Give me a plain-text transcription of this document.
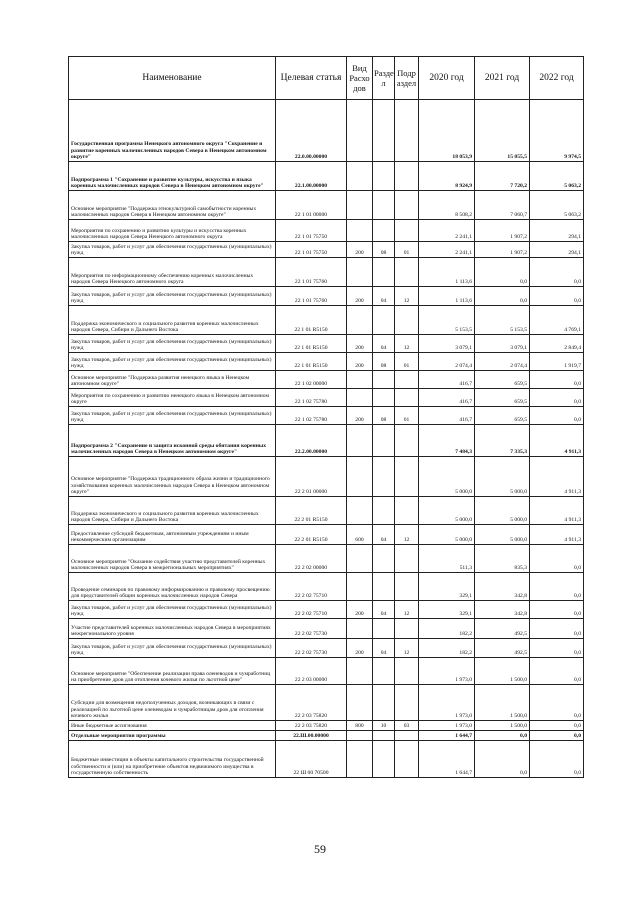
Наименование	Целевая статья	Вид Расхо дов	Разде л	Подр аздел	2020 год	2021 год	2022 год
Государственная программа Ненецкого автономного округа "Сохранение и развитие коренных малочисленных народов Севера в Ненецком автономном округе"	22.0.00.00000				18 053,9	15 055,5	9 974,5
Подпрограмма 1 "Сохранение и развитие культуры, искусства и языка коренных малочисленных народов Севера в Ненецком автономном округе"	22.1.00.00000				8 924,9	7 720,2	5 063,2
Основное мероприятие "Поддержка этнокультурной самобытности коренных малочисленных народов Севера в Ненецком автономном округе"	22 1 01 00000				8 508,2	7 060,7	5 063,2
Мероприятия по сохранению и развитию культуры и искусства коренных малочисленных народов Севера Ненецкого автономного округа	22 1 01 75750				2 241,1	1 907,2	294,1
Закупка товаров, работ и услуг для обеспечения государственных (муниципальных) нужд	22 1 01 75750	200	08	01	2 241,1	1 907,2	294,1
Мероприятия по информационному обеспечению коренных малочисленных народов Севера Ненецкого автономного округа	22 1 01 75760				1 113,6	0,0	0,0
Закупка товаров, работ и услуг для обеспечения государственных (муниципальных) нужд	22 1 01 75760	200	04	12	1 113,6	0,0	0,0
Поддержка экономического и социального развития коренных малочисленных народов Севера, Сибири и Дальнего Востока	22 1 01 R5150				5 153,5	5 153,5	4 769,1
Закупка товаров, работ и услуг для обеспечения государственных (муниципальных) нужд	22 1 01 R5150	200	04	12	3 079,1	3 079,1	2 849,4
Закупка товаров, работ и услуг для обеспечения государственных (муниципальных) нужд	22 1 01 R5150	200	08	01	2 074,4	2 074,4	1 919,7
Основное мероприятие "Поддержка развития ненецкого языка в Ненецком автономном округе"	22 1 02 00000				416,7	659,5	0,0
Мероприятия по сохранению и развитию ненецкого языка в Ненецком автономном округе	22 1 02 75780				416,7	659,5	0,0
Закупка товаров, работ и услуг для обеспечения государственных (муниципальных) нужд	22 1 02 75780	200	08	01	416,7	659,5	0,0
Подпрограмма 2 "Сохранение и защита исконной среды обитания коренных малочисленных народов Севера в Ненецком автономном округе"	22.2.00.00000				7 484,3	7 335,3	4 911,3
Основное мероприятие "Поддержка традиционного образа жизни и традиционного хозяйствования коренных малочисленных народов Севера в Ненецком автономном округе"	22 2 01 00000				5 000,0	5 000,0	4 911,3
Поддержка экономического и социального развития коренных малочисленных народов Севера, Сибири и Дальнего Востока	22 2 01 R5150				5 000,0	5 000,0	4 911,3
Предоставление субсидий бюджетным, автономным учреждениям и иным некоммерческим организациям	22 2 01 R5150	600	04	12	5 000,0	5 000,0	4 911,3
Основное мероприятие "Оказание содействия участию представителей коренных малочисленных народов Севера в межрегиональных мероприятиях"	22 2 02 00000				511,3	835,3	0,0
Проведение семинаров по правовому информированию и правовому просвещению для представителей общин коренных малочисленных народов Севера	22 2 02 75710				329,1	342,8	0,0
Закупка товаров, работ и услуг для обеспечения государственных (муниципальных) нужд	22 2 02 75710	200	04	12	329,1	342,8	0,0
Участие представителей коренных малочисленных народов Севера в мероприятиях межрегионального уровня	22 2 02 75730				182,2	492,5	0,0
Закупка товаров, работ и услуг для обеспечения государственных (муниципальных) нужд	22 2 02 75730	200	04	12	182,2	492,5	0,0
Основное мероприятие "Обеспечение реализации права оленеводов и чумработниц на приобретение дров для отопления кочевого жилья по льготной цене"	22 2 03 00000				1 973,0	1 500,0	0,0
Субсидии для возмещения недополученных доходов, возникающих в связи с реализацией по льготной цене оленеводам и чумработницам дров для отопления кочевого жилья	22 2 03 75820				1 973,0	1 500,0	0,0
Иные бюджетные ассигнования	22 2 03 75820	800	10	03	1 973,0	1 500,0	0,0
Отдельные мероприятия программы	22.Ш.00.00000				1 644,7	0,0	0,0
Бюджетные инвестиции в объекты капитального строительства государственной собственности и (или) на приобретение объектов недвижимого имущества в государственную собственность	22 Ш 00 70500				1 644,7	0,0	0,0
59
